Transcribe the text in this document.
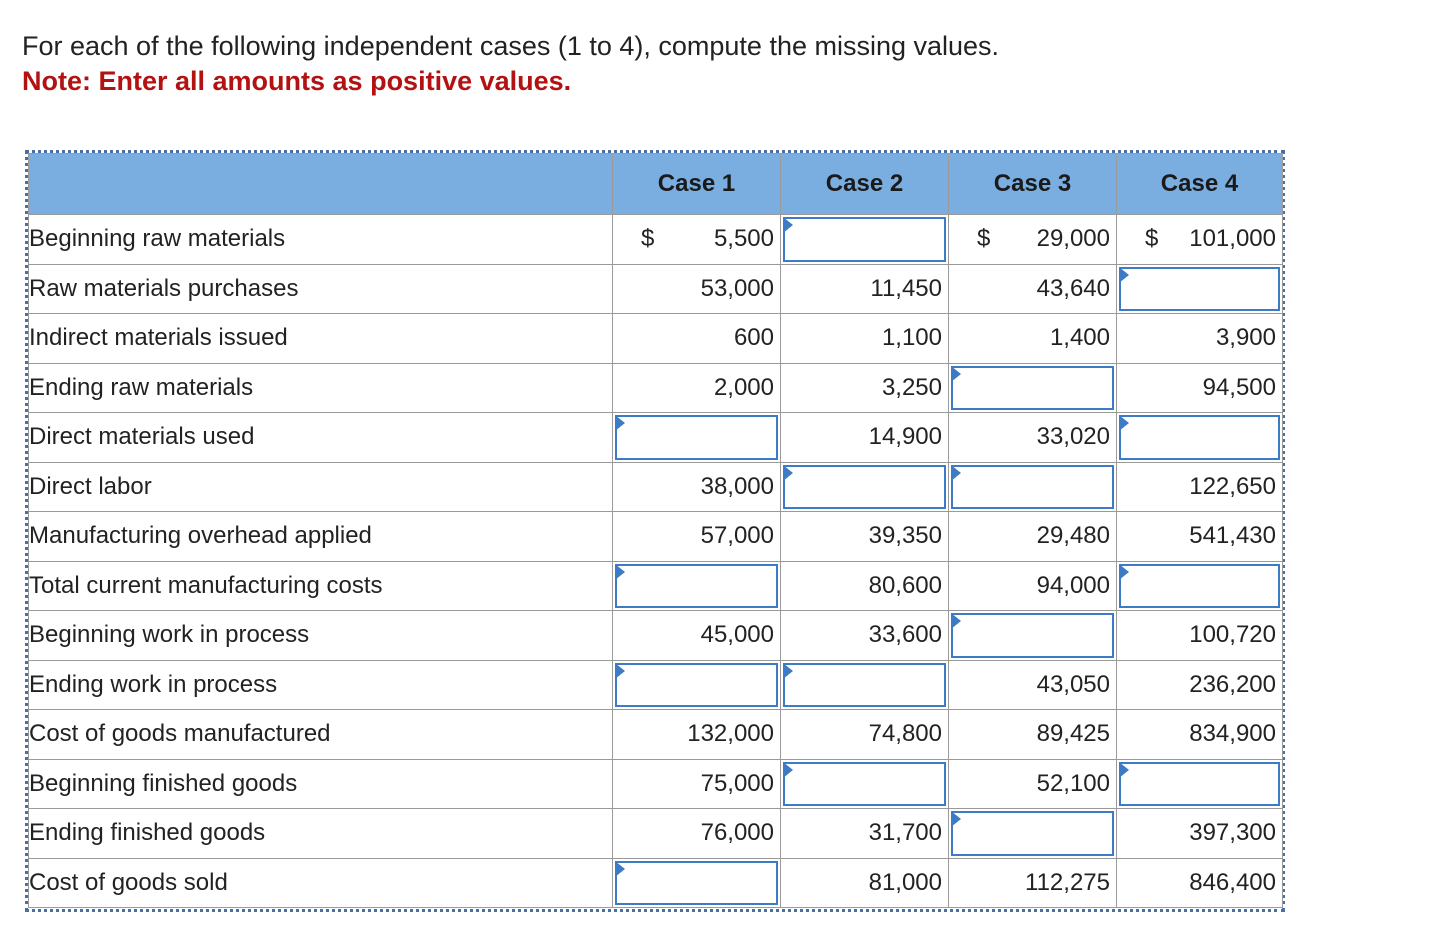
For each of the following independent cases (1 to 4), compute the missing values.
Note: Enter all amounts as positive values.
	Case 1	Case 2	Case 3	Case 4
Beginning raw materials	$ 5,500		$ 29,000	$ 101,000

Raw materials purchases	53,000	11,450	43,640

Indirect materials issued	600	1,100	1,400	3,900

Ending raw materials	2,000	3,250		94,500

Direct materials used		14,900	33,020

Direct labor	38,000			122,650

Manufacturing overhead applied	57,000	39,350	29,480	541,430

Total current manufacturing costs		80,600	94,000

Beginning work in process	45,000	33,600		100,720

Ending work in process			43,050	236,200

Cost of goods manufactured	132,000	74,800	89,425	834,900

Beginning finished goods	75,000		52,100

Ending finished goods	76,000	31,700		397,300

Cost of goods sold		81,000	112,275	846,400
